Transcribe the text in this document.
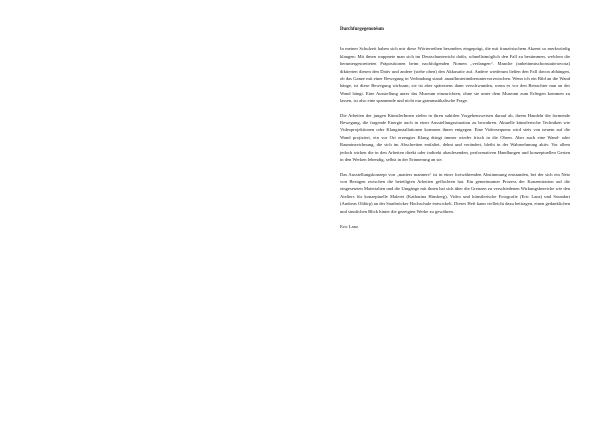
Durchfurgegenotéum

In meiner Schulzeit haben sich mir diese Wörterreihen besonders eingeprägt, die mit französischem Akzent so merkwürdig klangen: Mit ihnen wappnete man sich im Deutschunterricht dafür, schnellstmöglich den Fall zu bestimmen, welchen die heruntergestretteten Präpositionen beim nachfolgenden Nomen „verlangen“. Manche (anbeiinmischonstatteiovosa) diktierten diesen den Dativ und andere (siehe oben) den Akkusativ auf. Andere wiederum ließen den Fall davon abhängen, ob das Ganze mit einer Bewegung in Verbindung stand: anaufhinterinüberuntervorzwischen. Wenn ich ein Bild an die Wand hänge, ist diese Bewegung wirksam; sie ist aber spätestens dann verschwunden, wenn es vor den Betrachter nun an der Wand hängt. Eine Ausstellung unter das Museum einzurichten, ohne sie unter dem Museum zum Erliegen kommen zu lassen, ist also eine spannende und nicht nur grammatikalische Frage.

Die Arbeiten der jungen KünstlerInnen zielen in ihren subtilen Vorgehensweisen darauf ab, ihrem Handeln die formende Bewegung, die fragende Energie auch in einer Ausstellungssituation zu bewahren. Aktuelle künstlerische Techniken wie Videoprojektionen oder Klanginstallationen kommen ihnen entgegen: Eine Videosequenz wird stets von neuem auf die Wand projiziert, ein vor Ort erzeugter Klang dringt immer wieder frisch in die Ohren. Aber auch eine Wand- oder Rauminzeichnung, die sich im Abschreiten entfaltet, dehnt und verändert, bleibt in der Wahrnehmung aktiv. Vor allem jedoch wirken die in den Arbeiten direkt oder indirekt abzulesenden, performativen Handlungen und konzeptuellen Gesten in den Werken lebendig, selbst in der Erinnerung an sie.

Das Ausstellungskonzept von „matters manners“ ist in einer fortwährenden Abstimmung entstanden, bei der sich ein Netz von Bezügen zwischen die beteiligten Arbeiten geflochten hat. Ein gemeinsamer Prozess der Konzentration auf die eingesetzten Materialien und die Umgänge mit ihnen hat sich über die Grenzen zu verschiedenen Wirkungsbereiche wie den Ateliers für konzeptuelle Malerei (Katharina Hinsberg), Video und künstlerische Fotografie (Eric Lanz) und Soundart (Andreas Oldörp) an der Saarbrücker Hochschule entwickelt. Dieses Heft kann vielleicht dazu beitragen, einen gedanklichen und sinnlichen Blick hinter die gezeigten Werke zu gewähren.

Eric Lanz
